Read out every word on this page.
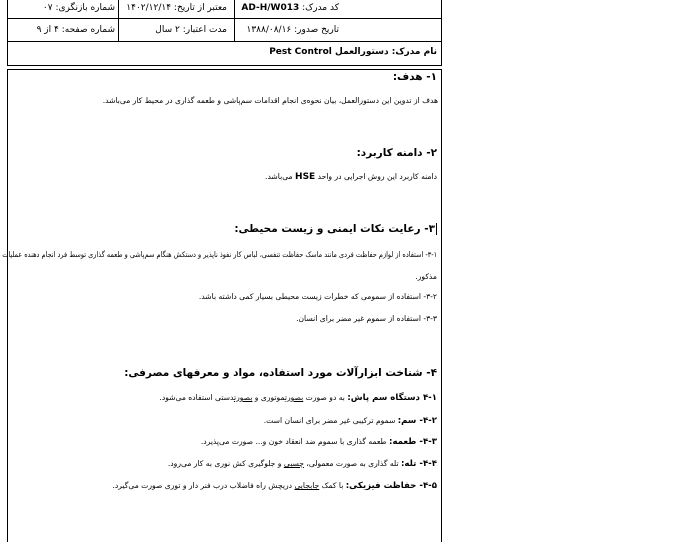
کد مدرک: AD-H/W013
معتبر از تاریخ: ۱۴۰۲/۱۲/۱۴
شماره بازنگری: ۰۷
تاریخ صدور: ۱۳۸۸/۰۸/۱۶
مدت اعتبار: ۲ سال
شماره صفحه: ۴ از ۹
نام مدرک: دستورالعمل Pest Control
۱- هدف:
هدف از تدوین این دستورالعمل، بیان نحوه‌ی انجام اقدامات سم‌پاشی و طعمه گذاری در محیط کار می‌باشد.
۲- دامنه کاربرد:
دامنه کاربرد این روش اجرایی در واحد HSE می‌باشد.
۳- رعایت نکات ایمنی و زیست محیطی:
۳-۱- استفاده از لوازم حفاظت فردی مانند ماسک حفاظت تنفسی، لباس کار نفوذ ناپذیر و دستکش هنگام سم‌پاشی و طعمه گذاری توسط فرد انجام دهنده عملیات
مذکور.
۳-۲- استفاده از سمومی که خطرات زیست محیطی بسیار کمی داشته باشد.
۳-۳- استفاده از سموم غیر مضر برای انسان.
۴- شناخت ابزارآلات مورد استفاده، مواد و معرفهای مصرفی:
۴-۱ دستگاه سم پاش: به دو صورت بصورتموتوری و بصورتدستی استفاده می‌شود.
۴-۲- سم: سموم ترکیبی غیر مضر برای انسان است.
۴-۳- طعمه: طعمه گذاری با سموم ضد انعقاد خون و... صورت می‌پذیرد.
۴-۴- تله: تله گذاری به صورت معمولی، چسبی و جلوگیری کش نوری به کار می‌رود.
۴-۵- حفاظت فیزیکی: با کمک جابجایی دریچش راه فاضلاب درب فنر دار و توری صورت می‌گیرد.
